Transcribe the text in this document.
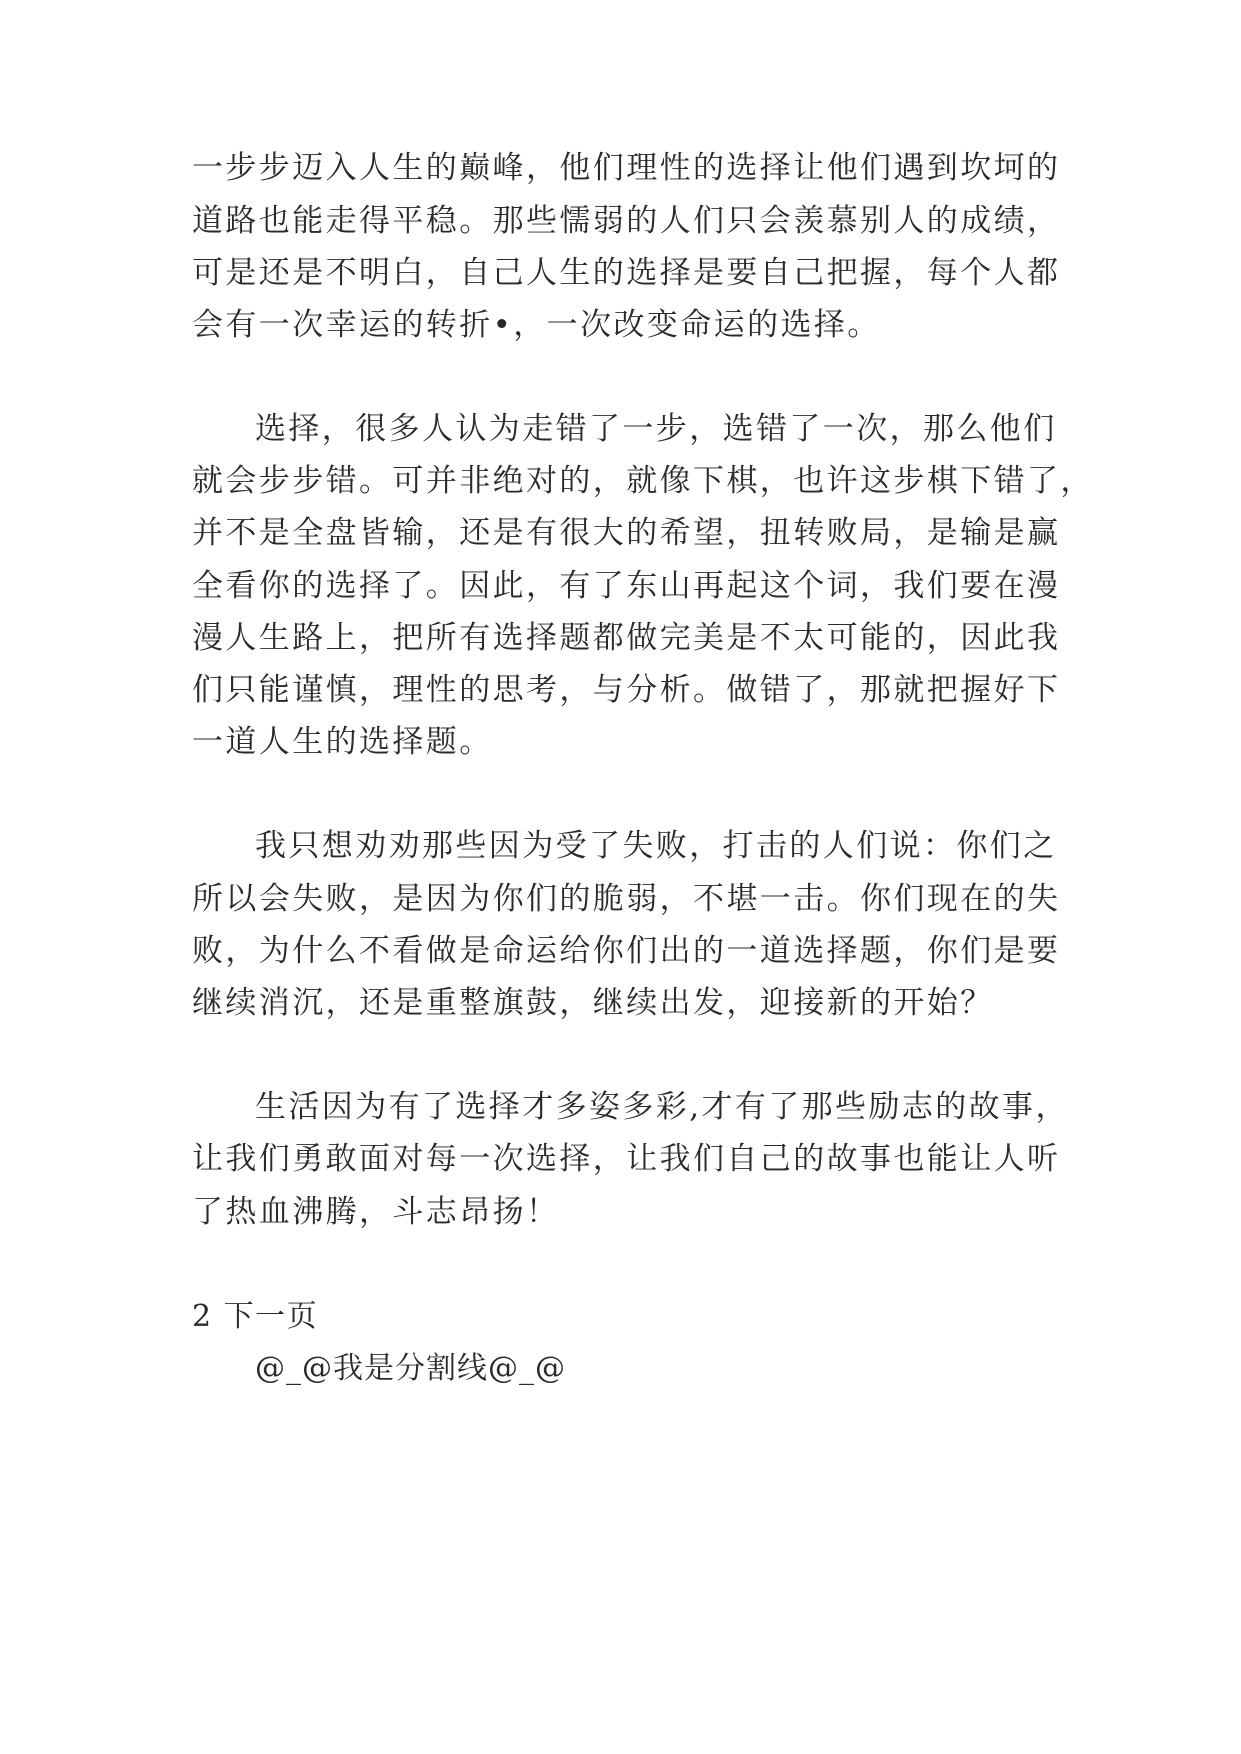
一步步迈入人生的巅峰，他们理性的选择让他们遇到坎坷的
道路也能走得平稳。那些懦弱的人们只会羡慕别人的成绩，
可是还是不明白，自己人生的选择是要自己把握，每个人都
会有一次幸运的转折•，一次改变命运的选择。
选择，很多人认为走错了一步，选错了一次，那么他们
就会步步错。可并非绝对的，就像下棋，也许这步棋下错了，
并不是全盘皆输，还是有很大的希望，扭转败局，是输是赢
全看你的选择了。因此，有了东山再起这个词，我们要在漫
漫人生路上，把所有选择题都做完美是不太可能的，因此我
们只能谨慎，理性的思考，与分析。做错了，那就把握好下
一道人生的选择题。
我只想劝劝那些因为受了失败，打击的人们说：你们之
所以会失败，是因为你们的脆弱，不堪一击。你们现在的失
败，为什么不看做是命运给你们出的一道选择题，你们是要
继续消沉，还是重整旗鼓，继续出发，迎接新的开始？
生活因为有了选择才多姿多彩,才有了那些励志的故事，
让我们勇敢面对每一次选择，让我们自己的故事也能让人听
了热血沸腾，斗志昂扬！
2 下一页
@_@我是分割线@_@
